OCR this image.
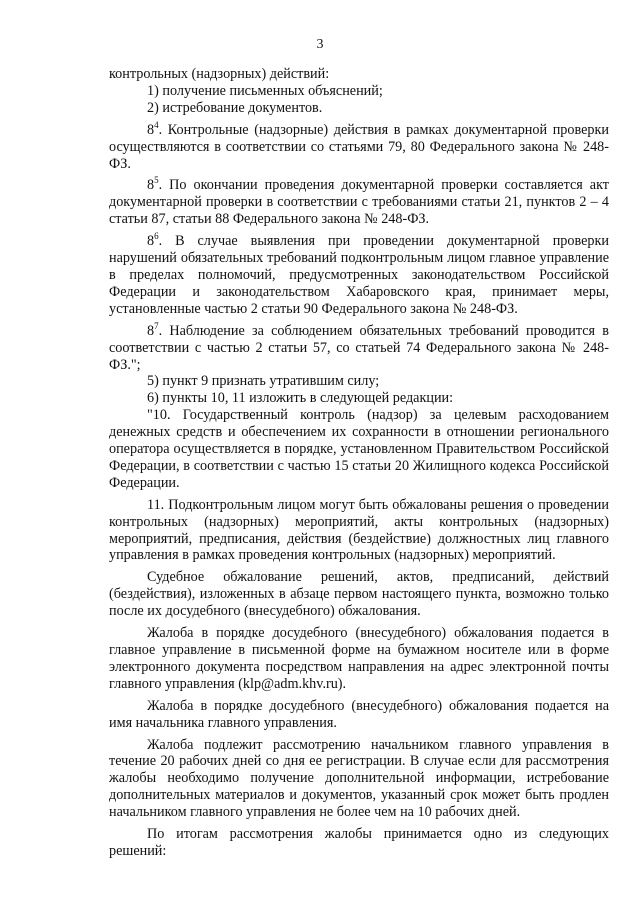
3

контрольных (надзорных) действий:

1) получение письменных объяснений;

2) истребование документов.

$8^4$. Контрольные (надзорные) действия в рамках документарной проверки осуществляются в соответствии со статьями 79, 80 Федерального закона № 248-ФЗ.

$8^5$. По окончании проведения документарной проверки составляется акт документарной проверки в соответствии с требованиями статьи 21, пунктов 2 – 4 статьи 87, статьи 88 Федерального закона № 248-ФЗ.

$8^6$. В случае выявления при проведении документарной проверки нарушений обязательных требований подконтрольным лицом главное управление в пределах полномочий, предусмотренных законодательством Российской Федерации и законодательством Хабаровского края, принимает меры, установленные частью 2 статьи 90 Федерального закона № 248-ФЗ.

$8^7$. Наблюдение за соблюдением обязательных требований проводится в соответствии с частью 2 статьи 57, со статьей 74 Федерального закона № 248-ФЗ.";

5) пункт 9 признать утратившим силу;

6) пункты 10, 11 изложить в следующей редакции:

"10. Государственный контроль (надзор) за целевым расходованием денежных средств и обеспечением их сохранности в отношении регионального оператора осуществляется в порядке, установленном Правительством Российской Федерации, в соответствии с частью 15 статьи 20 Жилищного кодекса Российской Федерации.

11. Подконтрольным лицом могут быть обжалованы решения о проведении контрольных (надзорных) мероприятий, акты контрольных (надзорных) мероприятий, предписания, действия (бездействие) должностных лиц главного управления в рамках проведения контрольных (надзорных) мероприятий.

Судебное обжалование решений, актов, предписаний, действий (бездействия), изложенных в абзаце первом настоящего пункта, возможно только после их досудебного (внесудебного) обжалования.

Жалоба в порядке досудебного (внесудебного) обжалования подается в главное управление в письменной форме на бумажном носителе или в форме электронного документа посредством направления на адрес электронной почты главного управления (klp@adm.khv.ru).

Жалоба в порядке досудебного (внесудебного) обжалования подается на имя начальника главного управления.

Жалоба подлежит рассмотрению начальником главного управления в течение 20 рабочих дней со дня ее регистрации. В случае если для рассмотрения жалобы необходимо получение дополнительной информации, истребование дополнительных материалов и документов, указанный срок может быть продлен начальником главного управления не более чем на 10 рабочих дней.

По итогам рассмотрения жалобы принимается одно из следующих решений:
